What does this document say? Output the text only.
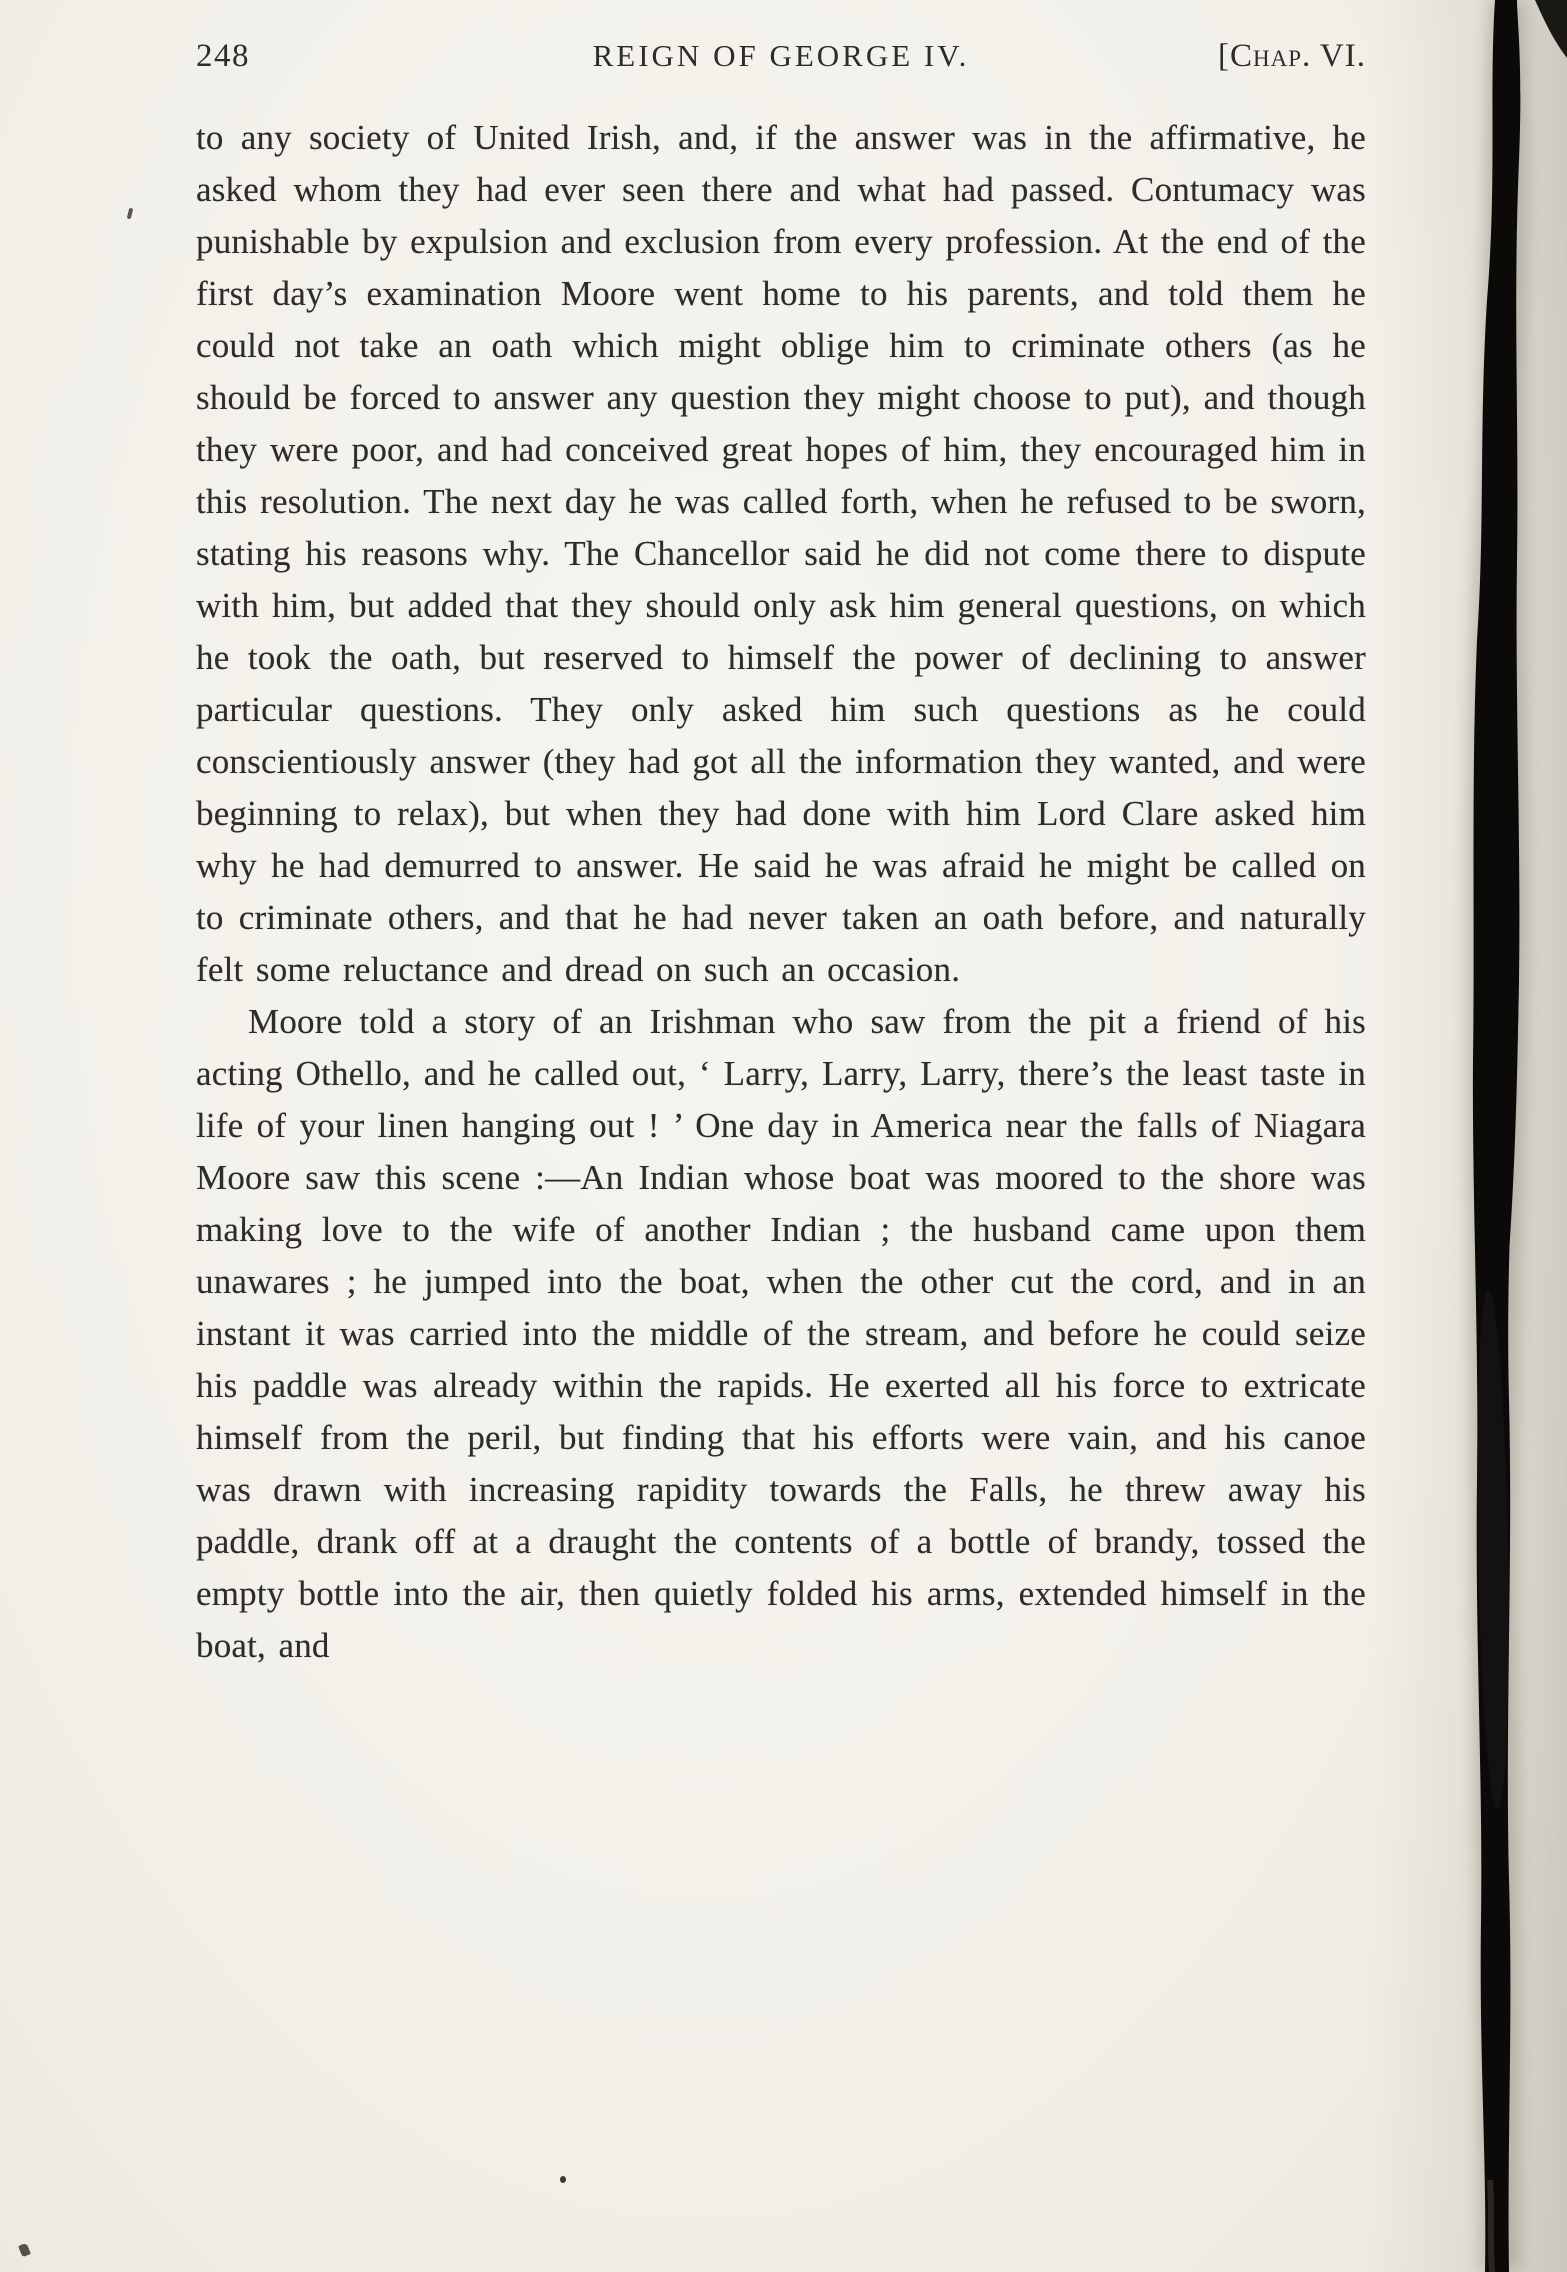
248	REIGN OF GEORGE IV.	[Chap. VI.

to any society of United Irish, and, if the answer was in the affirmative, he asked whom they had ever seen there and what had passed. Contumacy was punishable by expulsion and exclusion from every profession. At the end of the first day’s examination Moore went home to his parents, and told them he could not take an oath which might oblige him to criminate others (as he should be forced to answer any question they might choose to put), and though they were poor, and had conceived great hopes of him, they encouraged him in this resolution. The next day he was called forth, when he refused to be sworn, stating his reasons why. The Chancellor said he did not come there to dispute with him, but added that they should only ask him general questions, on which he took the oath, but reserved to himself the power of declining to answer particular questions. They only asked him such questions as he could conscientiously answer (they had got all the information they wanted, and were beginning to relax), but when they had done with him Lord Clare asked him why he had demurred to answer. He said he was afraid he might be called on to criminate others, and that he had never taken an oath before, and naturally felt some reluctance and dread on such an occasion.

Moore told a story of an Irishman who saw from the pit a friend of his acting Othello, and he called out, ‘ Larry, Larry, Larry, there’s the least taste in life of your linen hanging out ! ’ One day in America near the falls of Niagara Moore saw this scene :—An Indian whose boat was moored to the shore was making love to the wife of another Indian ; the husband came upon them unawares ; he jumped into the boat, when the other cut the cord, and in an instant it was carried into the middle of the stream, and before he could seize his paddle was already within the rapids. He exerted all his force to extricate himself from the peril, but finding that his efforts were vain, and his canoe was drawn with increasing rapidity towards the Falls, he threw away his paddle, drank off at a draught the contents of a bottle of brandy, tossed the empty bottle into the air, then quietly folded his arms, extended himself in the boat, and
